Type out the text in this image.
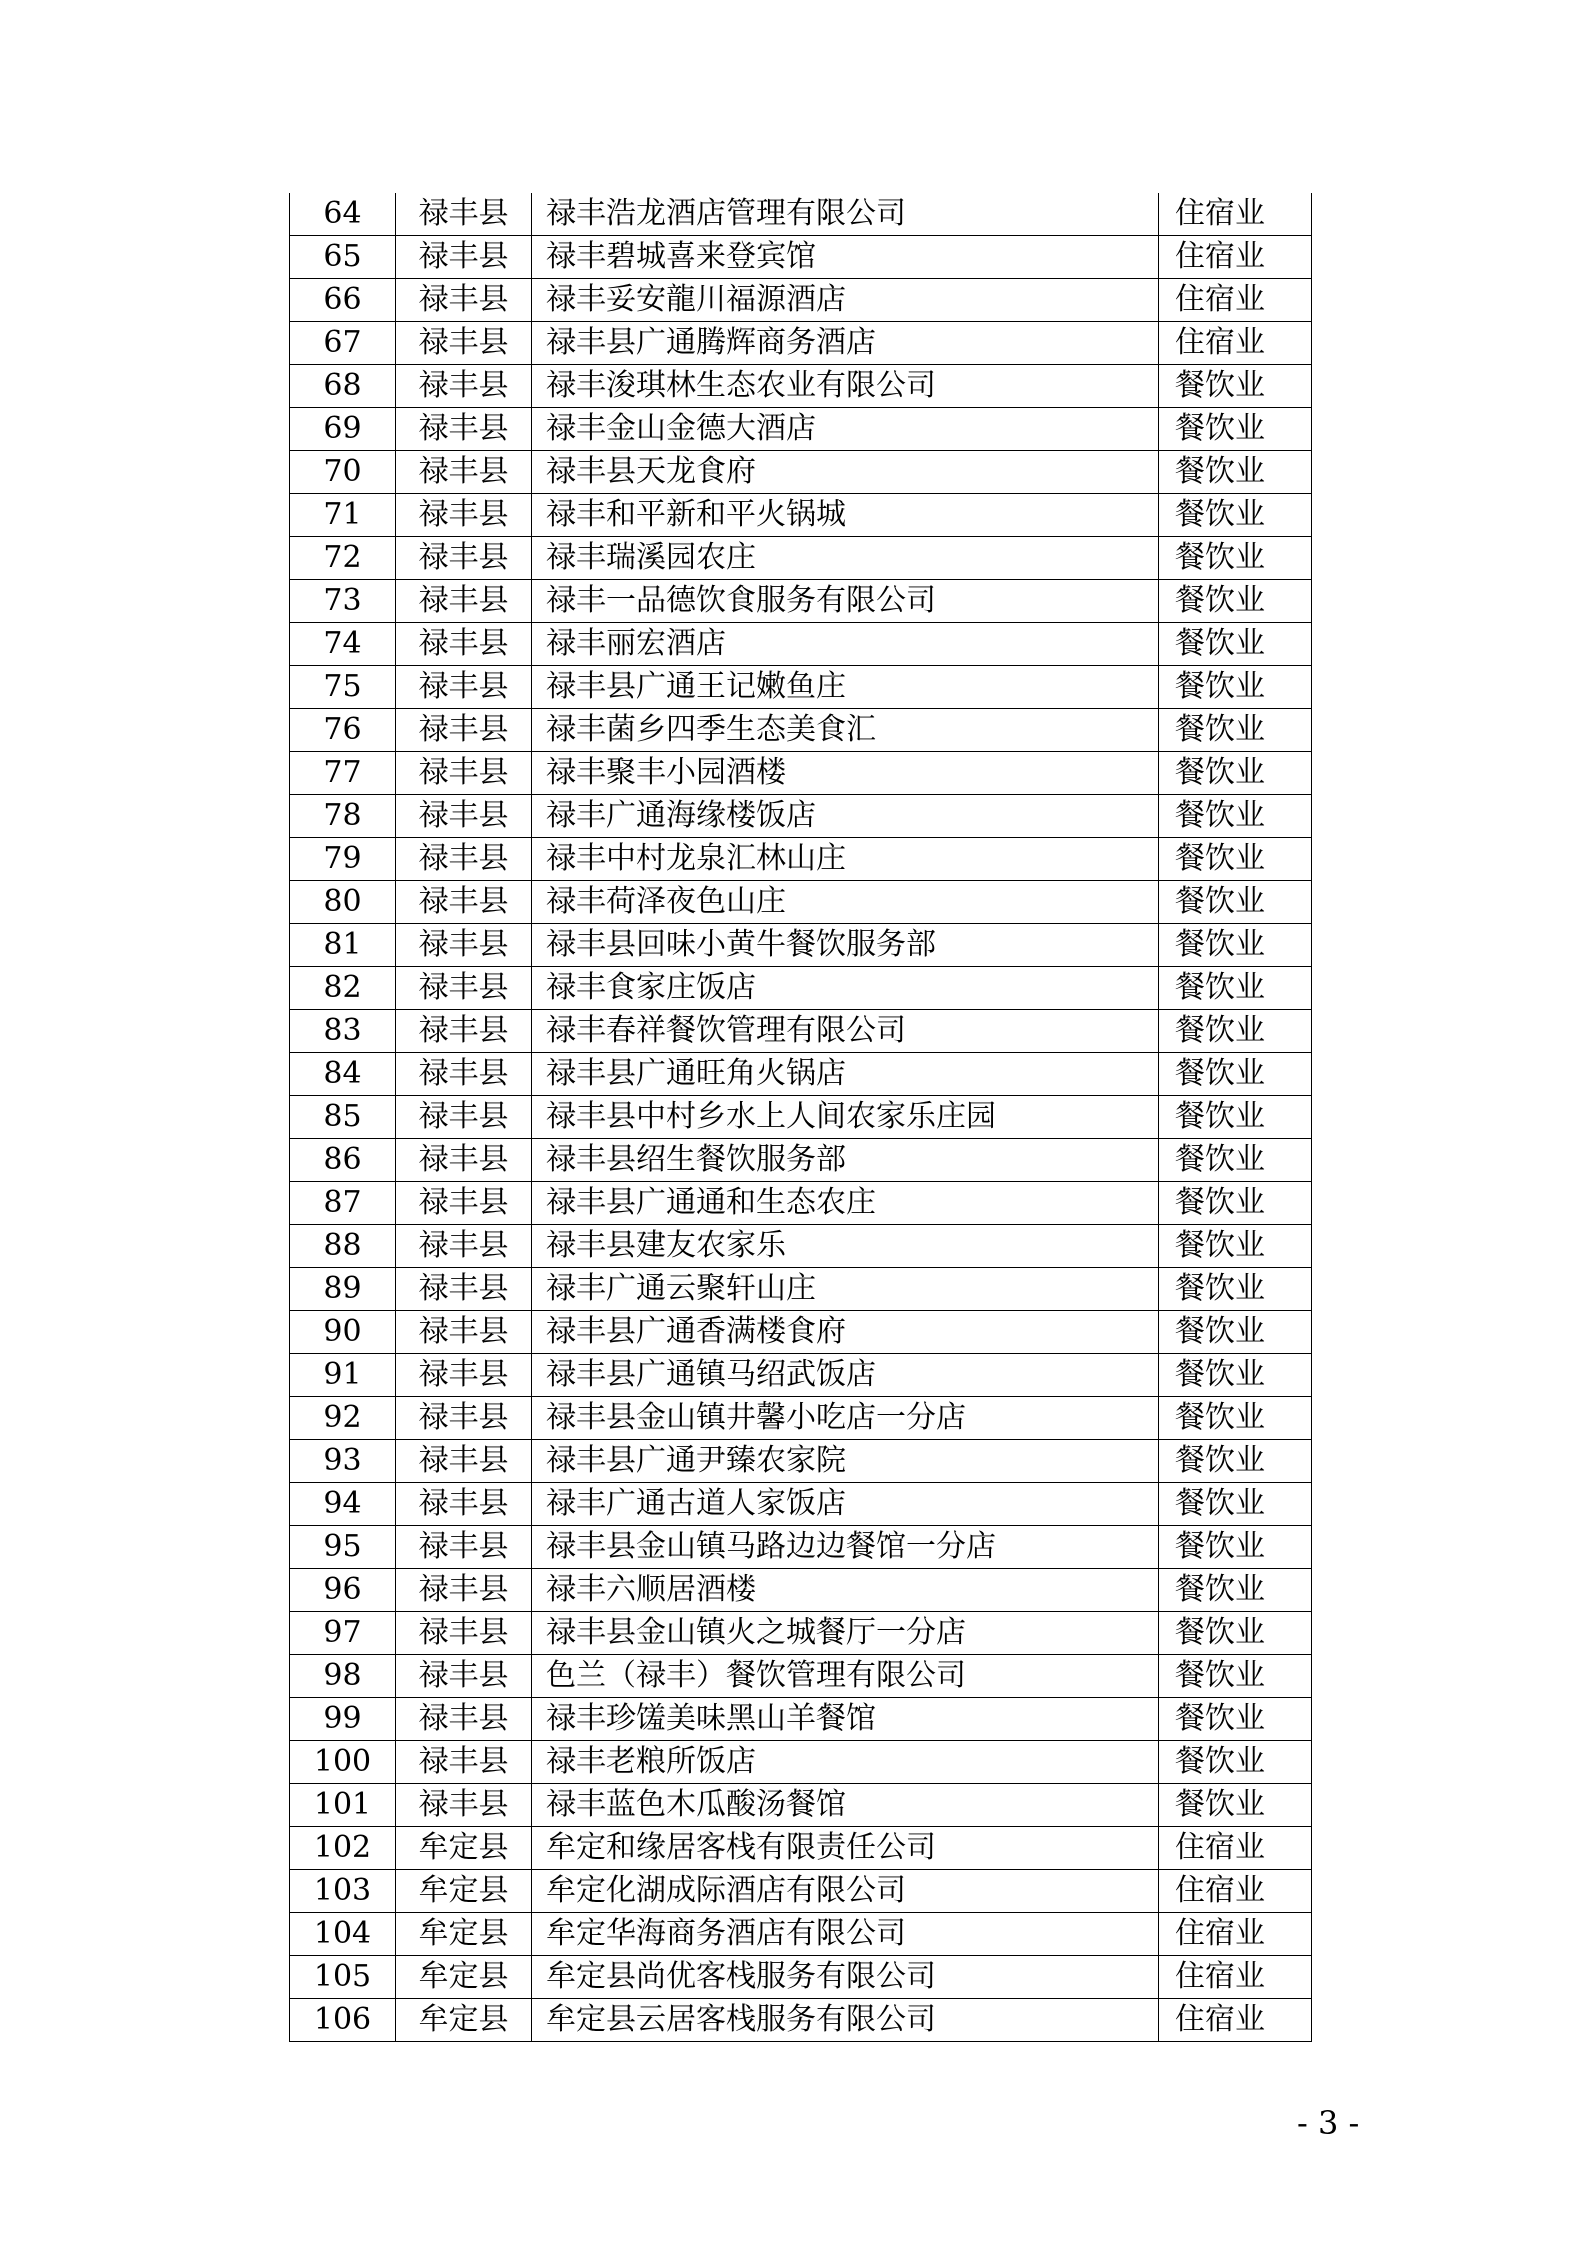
64	禄丰县	禄丰浩龙酒店管理有限公司	住宿业
65	禄丰县	禄丰碧城喜来登宾馆	住宿业
66	禄丰县	禄丰妥安龍川福源酒店	住宿业
67	禄丰县	禄丰县广通腾辉商务酒店	住宿业
68	禄丰县	禄丰浚琪林生态农业有限公司	餐饮业
69	禄丰县	禄丰金山金德大酒店	餐饮业
70	禄丰县	禄丰县天龙食府	餐饮业
71	禄丰县	禄丰和平新和平火锅城	餐饮业
72	禄丰县	禄丰瑞溪园农庄	餐饮业
73	禄丰县	禄丰一品德饮食服务有限公司	餐饮业
74	禄丰县	禄丰丽宏酒店	餐饮业
75	禄丰县	禄丰县广通王记嫩鱼庄	餐饮业
76	禄丰县	禄丰菌乡四季生态美食汇	餐饮业
77	禄丰县	禄丰聚丰小园酒楼	餐饮业
78	禄丰县	禄丰广通海缘楼饭店	餐饮业
79	禄丰县	禄丰中村龙泉汇林山庄	餐饮业
80	禄丰县	禄丰荷泽夜色山庄	餐饮业
81	禄丰县	禄丰县回味小黄牛餐饮服务部	餐饮业
82	禄丰县	禄丰食家庄饭店	餐饮业
83	禄丰县	禄丰春祥餐饮管理有限公司	餐饮业
84	禄丰县	禄丰县广通旺角火锅店	餐饮业
85	禄丰县	禄丰县中村乡水上人间农家乐庄园	餐饮业
86	禄丰县	禄丰县绍生餐饮服务部	餐饮业
87	禄丰县	禄丰县广通通和生态农庄	餐饮业
88	禄丰县	禄丰县建友农家乐	餐饮业
89	禄丰县	禄丰广通云聚轩山庄	餐饮业
90	禄丰县	禄丰县广通香满楼食府	餐饮业
91	禄丰县	禄丰县广通镇马绍武饭店	餐饮业
92	禄丰县	禄丰县金山镇井馨小吃店一分店	餐饮业
93	禄丰县	禄丰县广通尹臻农家院	餐饮业
94	禄丰县	禄丰广通古道人家饭店	餐饮业
95	禄丰县	禄丰县金山镇马路边边餐馆一分店	餐饮业
96	禄丰县	禄丰六顺居酒楼	餐饮业
97	禄丰县	禄丰县金山镇火之城餐厅一分店	餐饮业
98	禄丰县	色兰（禄丰）餐饮管理有限公司	餐饮业
99	禄丰县	禄丰珍馐美味黑山羊餐馆	餐饮业
100	禄丰县	禄丰老粮所饭店	餐饮业
101	禄丰县	禄丰蓝色木瓜酸汤餐馆	餐饮业
102	牟定县	牟定和缘居客栈有限责任公司	住宿业
103	牟定县	牟定化湖成际酒店有限公司	住宿业
104	牟定县	牟定华海商务酒店有限公司	住宿业
105	牟定县	牟定县尚优客栈服务有限公司	住宿业
106	牟定县	牟定县云居客栈服务有限公司	住宿业
- 3 -
